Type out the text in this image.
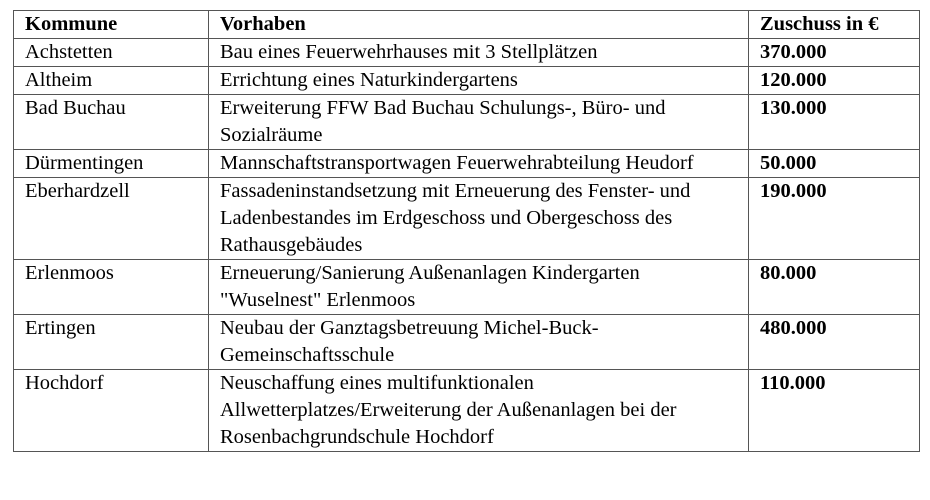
Kommune	Vorhaben	Zuschuss in €
Achstetten	Bau eines Feuerwehrhauses mit 3 Stellplätzen	370.000
Altheim	Errichtung eines Naturkindergartens	120.000
Bad Buchau	Erweiterung FFW Bad Buchau Schulungs-, Büro- und Sozialräume	130.000
Dürmentingen	Mannschaftstransportwagen Feuerwehrabteilung Heudorf	50.000
Eberhardzell	Fassadeninstandsetzung mit Erneuerung des Fenster- und Ladenbestandes im Erdgeschoss und Obergeschoss des Rathausgebäudes	190.000
Erlenmoos	Erneuerung/Sanierung Außenanlagen Kindergarten "Wuselnest" Erlenmoos	80.000
Ertingen	Neubau der Ganztagsbetreuung Michel-Buck-Gemeinschaftsschule	480.000
Hochdorf	Neuschaffung eines multifunktionalen Allwetterplatzes/Erweiterung der Außenanlagen bei der Rosenbachgrundschule Hochdorf	110.000
